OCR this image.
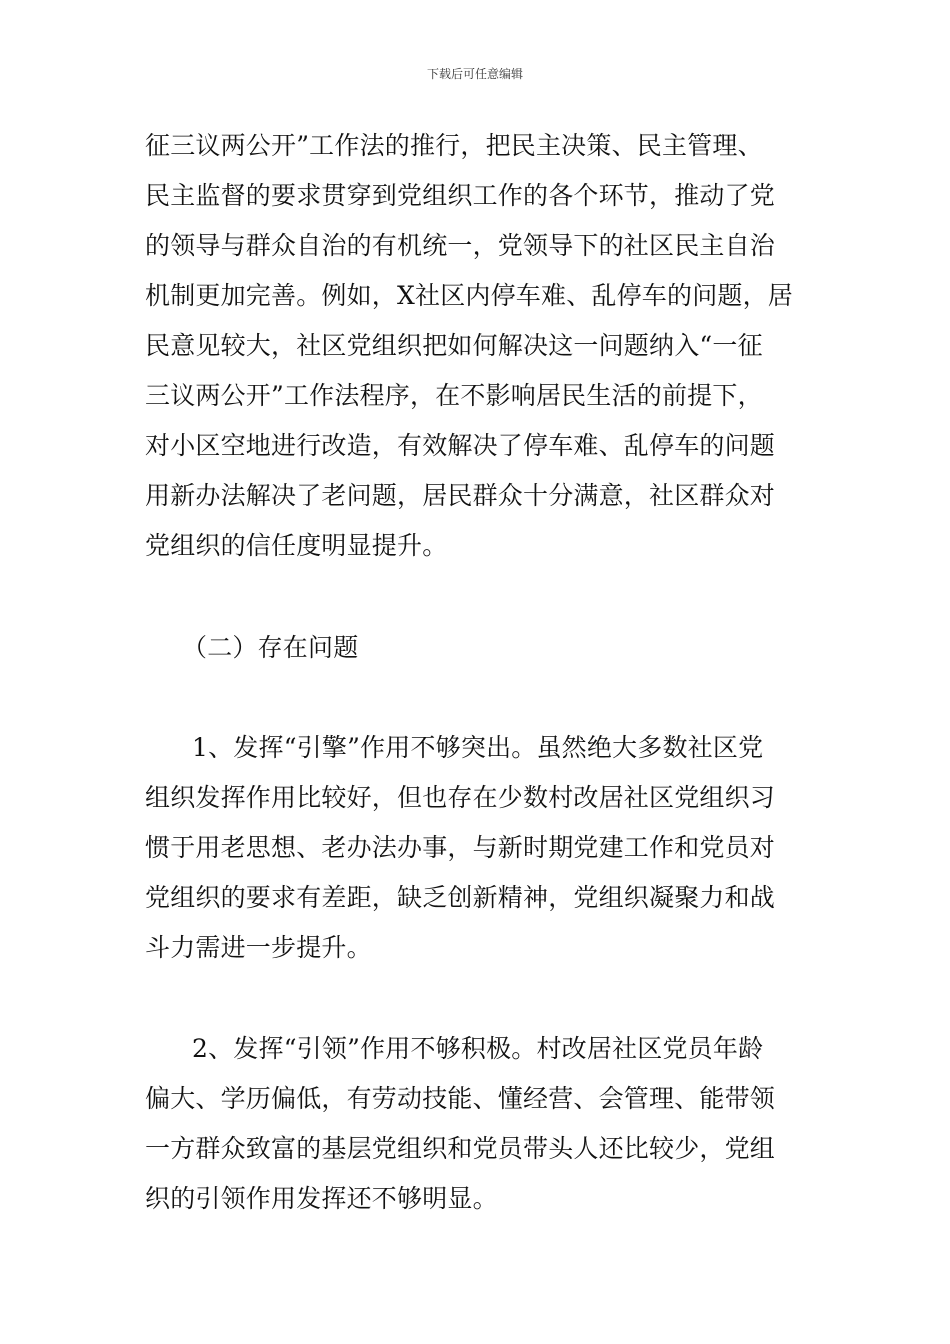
下载后可任意编辑
征三议两公开”工作法的推行，把民主决策、民主管理、
民主监督的要求贯穿到党组织工作的各个环节，推动了党
的领导与群众自治的有机统一，党领导下的社区民主自治
机制更加完善。例如，X社区内停车难、乱停车的问题，居
民意见较大，社区党组织把如何解决这一问题纳入“一征
三议两公开”工作法程序，在不影响居民生活的前提下，
对小区空地进行改造，有效解决了停车难、乱停车的问题
用新办法解决了老问题，居民群众十分满意，社区群众对
党组织的信任度明显提升。
（二）存在问题
1、发挥“引擎”作用不够突出。虽然绝大多数社区党
组织发挥作用比较好，但也存在少数村改居社区党组织习
惯于用老思想、老办法办事，与新时期党建工作和党员对
党组织的要求有差距，缺乏创新精神，党组织凝聚力和战
斗力需进一步提升。
2、发挥“引领”作用不够积极。村改居社区党员年龄
偏大、学历偏低，有劳动技能、懂经营、会管理、能带领
一方群众致富的基层党组织和党员带头人还比较少，党组
织的引领作用发挥还不够明显。
